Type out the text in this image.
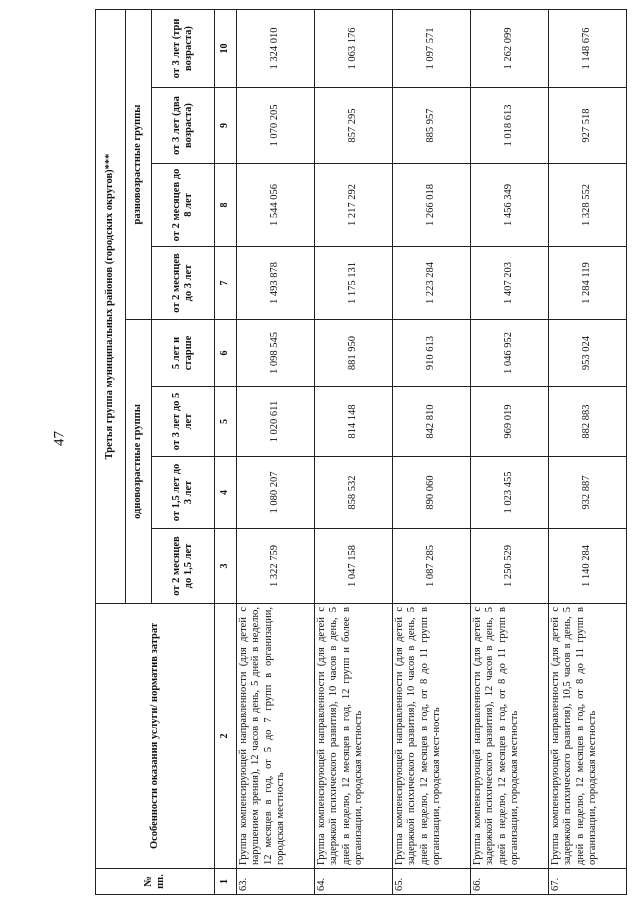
47
№ пп.	Особенности оказания услуги/ норматив затрат	Третья группа муниципальных районов (городских округов)***							
		одновозрастные группы				разновозрастные группы			
		от 2 месяцев до 1,5 лет	от 1,5 лет до 3 лет	от 3 лет до 5 лет	5 лет и старше	от 2 месяцев до 3 лет	от 2 месяцев до 8 лет	от 3 лет (два возраста)	от 3 лет (три возраста)
1	2	3	4	5	6	7	8	9	10
63.	Группа компенсирующей направленности (для детей с нарушением зрения), 12 часов в день, 5 дней в неделю, 12 месяцев в год, от 5 до 7 групп в организации, городская местность	1 322 759	1 080 207	1 020 611	1 098 545	1 493 878	1 544 056	1 070 205	1 324 010
64.	Группа компенсирующей направленности (для детей с задержкой психического развития), 10 часов в день, 5 дней в неделю, 12 месяцев в год, 12 групп и более в организации, городская местность	1 047 158	858 532	814 148	881 950	1 175 131	1 217 292	857 295	1 063 176
65.	Группа компенсирующей направленности (для детей с задержкой психического развития), 10 часов в день, 5 дней в неделю, 12 месяцев в год, от 8 до 11 групп в организации, городская мест-ность	1 087 285	890 060	842 810	910 613	1 223 284	1 266 018	885 957	1 097 571
66.	Группа компенсирующей направленности (для детей с задержкой психического развития), 12 часов в день, 5 дней в неделю, 12 месяцев в год, от 8 до 11 групп в организации, городская местность	1 250 529	1 023 455	969 019	1 046 952	1 407 203	1 456 349	1 018 613	1 262 099
67.	Группа компенсирующей направленности (для детей с задержкой психического развития), 10,5 часов в день, 5 дней в неделю, 12 месяцев в год, от 8 до 11 групп в организации, городская местность	1 140 284	932 887	882 883	953 024	1 284 119	1 328 552	927 518	1 148 676
